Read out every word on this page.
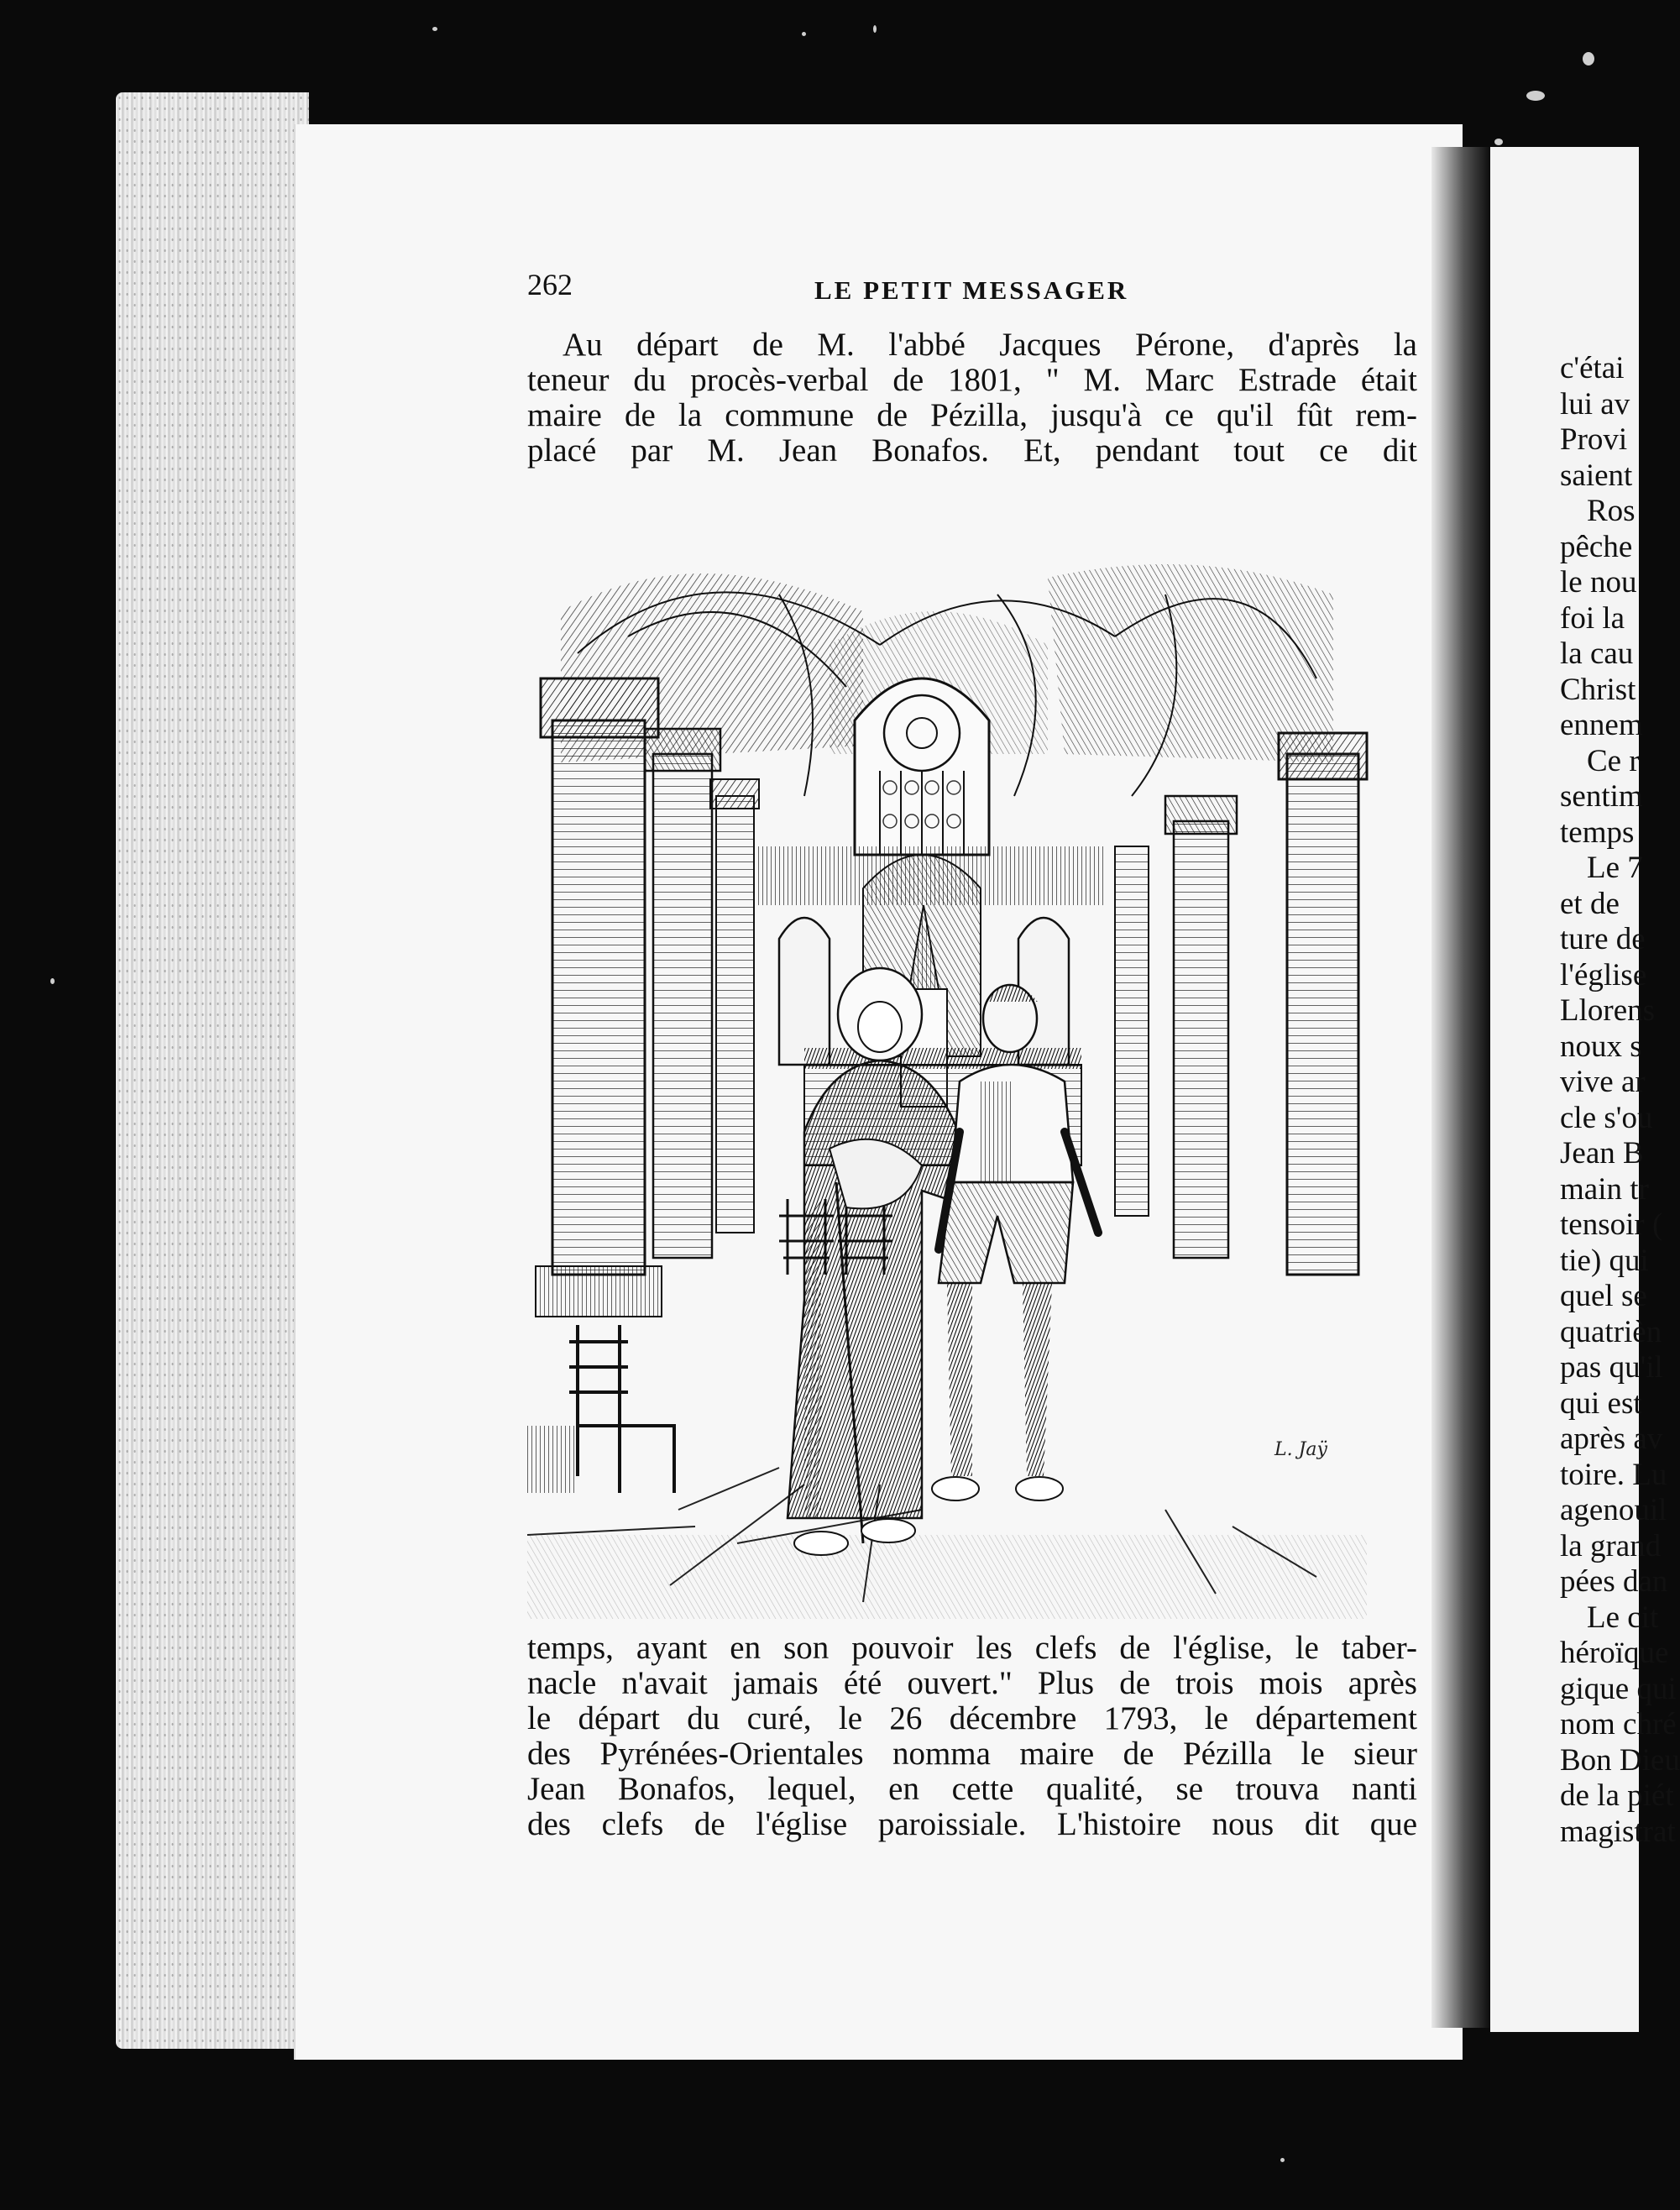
262	LE PETIT MESSAGER
Au départ de M. l'abbé Jacques Pérone, d'après la
teneur du procès-verbal de 1801, " M. Marc Estrade était
maire de la commune de Pézilla, jusqu'à ce qu'il fût rem-
placé par M. Jean Bonafos. Et, pendant tout ce dit
L. Jaÿ
temps, ayant en son pouvoir les clefs de l'église, le taber-
nacle n'avait jamais été ouvert." Plus de trois mois après
le départ du curé, le 26 décembre 1793, le département
des Pyrénées-Orientales nomma maire de Pézilla le sieur
Jean Bonafos, lequel, en cette qualité, se trouva nanti
des clefs de l'église paroissiale. L'histoire nous dit que
c'étai
lui av
Provi
saient
Ros
pêche
le nou
foi la
la cau
Christ
ennem
Ce r
sentim
temps
Le 7
et de
ture de
l'église
Llorens
noux s
vive ar
cle s'ou
Jean B
main tr
tensoir (
tie) qui
quel se
quatrièn
pas qu'il
qui est
après av
toire. Lu
agenouil
la grand
pées dan
Le cit
héroïque
gique qui
nom chré
Bon Dieu
de la piét
magistrat
